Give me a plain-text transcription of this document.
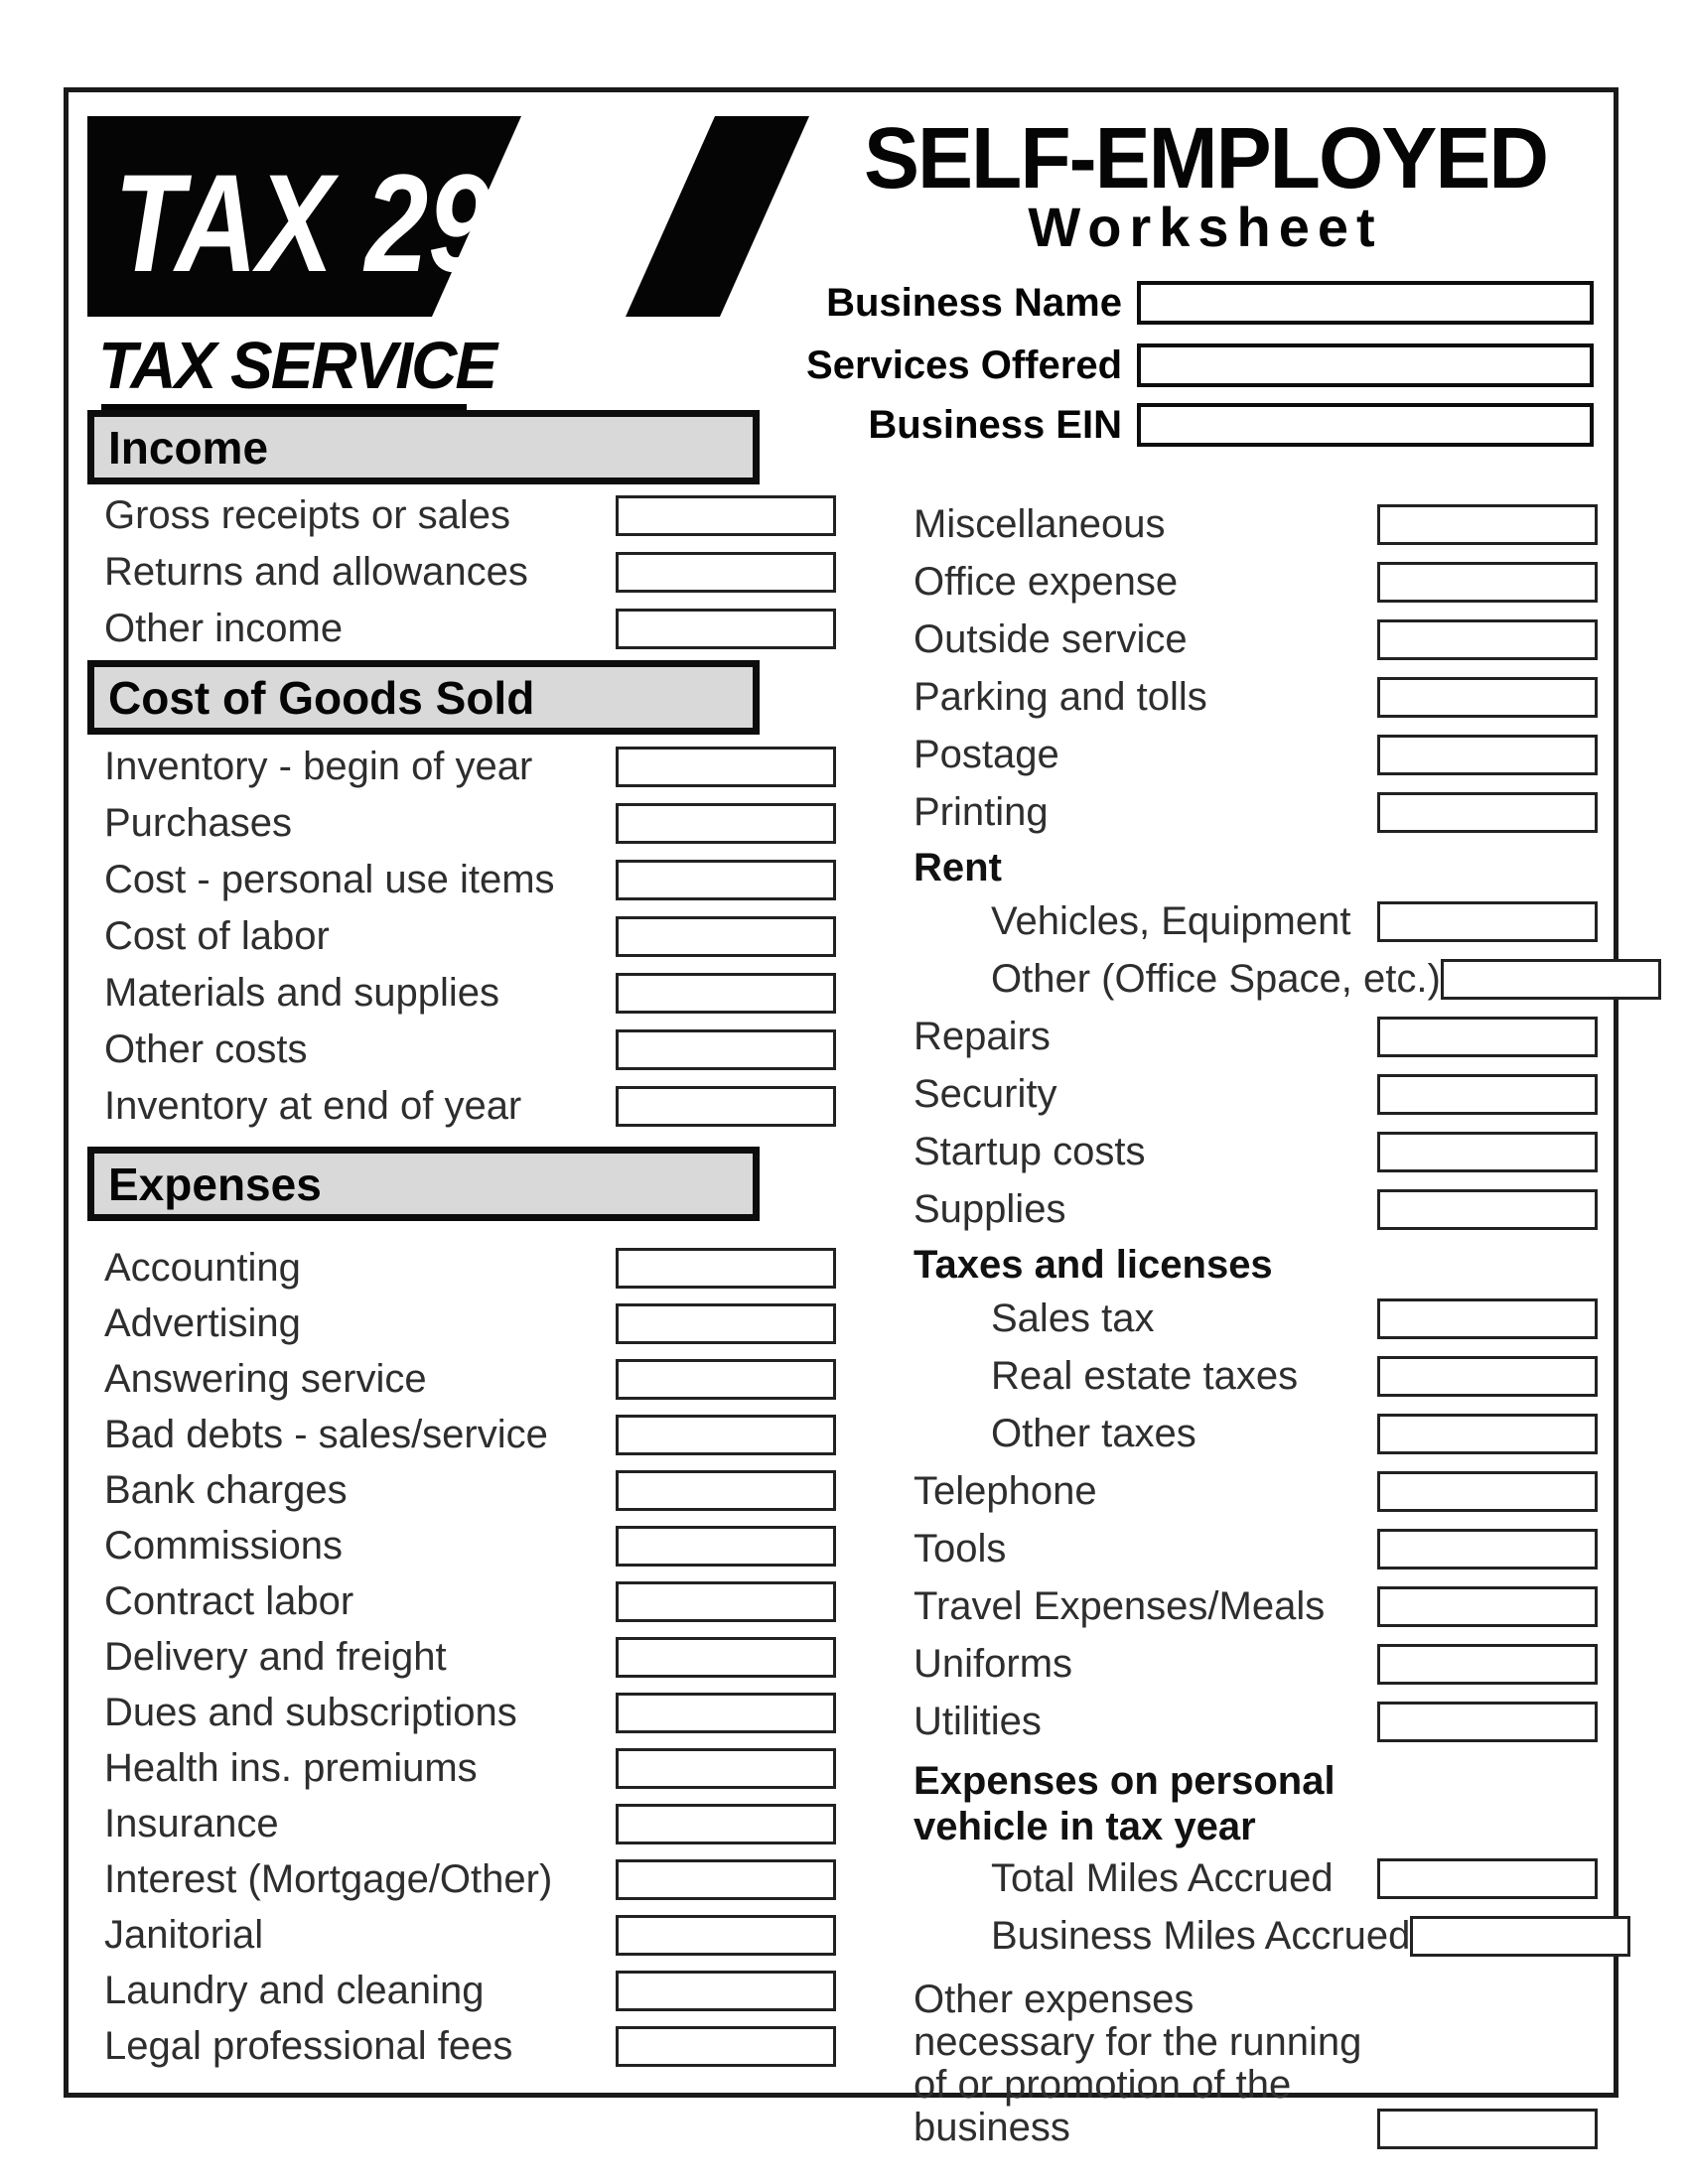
TAX 29
TAX SERVICE
SELF-EMPLOYED
Worksheet
Business Name
Services Offered
Business EIN
Income
Gross receipts or sales
Returns and allowances
Other income
Cost of Goods Sold
Inventory - begin of year
Purchases
Cost - personal use items
Cost of labor
Materials and supplies
Other costs
Inventory at end of year
Expenses
Accounting
Advertising
Answering service
Bad debts - sales/service
Bank charges
Commissions
Contract labor
Delivery and freight
Dues and subscriptions
Health ins. premiums
Insurance
Interest (Mortgage/Other)
Janitorial
Laundry and cleaning
Legal professional fees
Miscellaneous
Office expense
Outside service
Parking and tolls
Postage
Printing
Rent
Vehicles, Equipment
Other (Office Space, etc.)
Repairs
Security
Startup costs
Supplies
Taxes and licenses
Sales tax
Real estate taxes
Other taxes
Telephone
Tools
Travel Expenses/Meals
Uniforms
Utilities
Expenses on personal vehicle in tax year
Total Miles Accrued
Business Miles Accrued
Other expenses necessary for the running of or promotion of the business
